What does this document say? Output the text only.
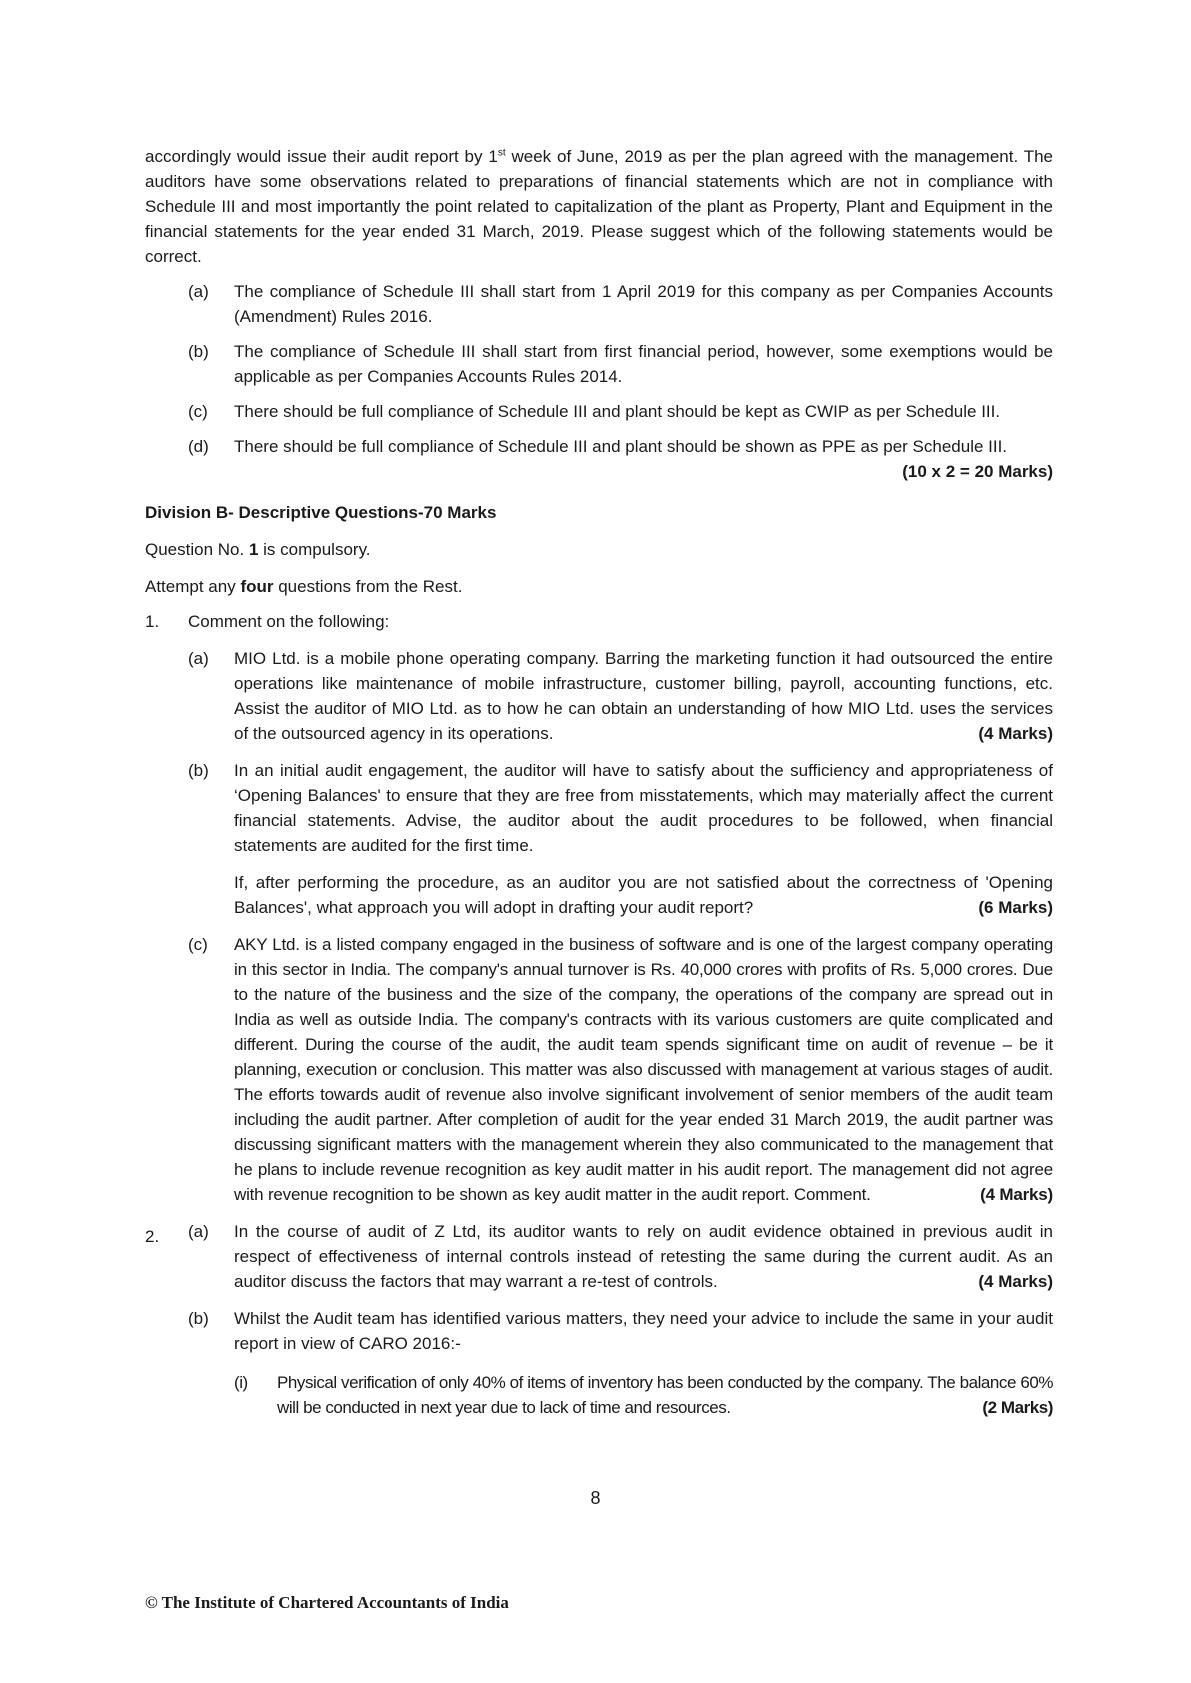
accordingly would issue their audit report by 1st week of June, 2019 as per the plan agreed with the management. The auditors have some observations related to preparations of financial statements which are not in compliance with Schedule III and most importantly the point related to capitalization of the plant as Property, Plant and Equipment in the financial statements for the year ended 31 March, 2019. Please suggest which of the following statements would be correct.

(a)	The compliance of Schedule III shall start from 1 April 2019 for this company as per Companies Accounts (Amendment) Rules 2016.
(b)	The compliance of Schedule III shall start from first financial period, however, some exemptions would be applicable as per Companies Accounts Rules 2014.
(c)	There should be full compliance of Schedule III and plant should be kept as CWIP as per Schedule III.
(d)	There should be full compliance of Schedule III and plant should be shown as PPE as per Schedule III.
(10 x 2 = 20 Marks)

Division B- Descriptive Questions-70 Marks

Question No. 1 is compulsory.

Attempt any four questions from the Rest.

1.	Comment on the following:
(a)	MIO Ltd. is a mobile phone operating company. Barring the marketing function it had outsourced the entire operations like maintenance of mobile infrastructure, customer billing, payroll, accounting functions, etc. Assist the auditor of MIO Ltd. as to how he can obtain an understanding of how MIO Ltd. uses the services of the outsourced agency in its operations.	(4 Marks)
(b)	In an initial audit engagement, the auditor will have to satisfy about the sufficiency and appropriateness of ‘Opening Balances' to ensure that they are free from misstatements, which may materially affect the current financial statements. Advise, the auditor about the audit procedures to be followed, when financial statements are audited for the first time.

If, after performing the procedure, as an auditor you are not satisfied about the correctness of 'Opening Balances', what approach you will adopt in drafting your audit report?	(6 Marks)

(c)	AKY Ltd. is a listed company engaged in the business of software and is one of the largest company operating in this sector in India. The company's annual turnover is Rs. 40,000 crores with profits of Rs. 5,000 crores. Due to the nature of the business and the size of the company, the operations of the company are spread out in India as well as outside India. The company's contracts with its various customers are quite complicated and different. During the course of the audit, the audit team spends significant time on audit of revenue – be it planning, execution or conclusion. This matter was also discussed with management at various stages of audit. The efforts towards audit of revenue also involve significant involvement of senior members of the audit team including the audit partner. After completion of audit for the year ended 31 March 2019, the audit partner was discussing significant matters with the management wherein they also communicated to the management that he plans to include revenue recognition as key audit matter in his audit report. The management did not agree with revenue recognition to be shown as key audit matter in the audit report. Comment.	(4 Marks)
2.	(a)	In the course of audit of Z Ltd, its auditor wants to rely on audit evidence obtained in previous audit in respect of effectiveness of internal controls instead of retesting the same during the current audit. As an auditor discuss the factors that may warrant a re-test of controls.	(4 Marks)
(b)	Whilst the Audit team has identified various matters, they need your advice to include the same in your audit report in view of CARO 2016:-
(i)	Physical verification of only 40% of items of inventory has been conducted by the company. The balance 60% will be conducted in next year due to lack of time and resources.	(2 Marks)
8
© The Institute of Chartered Accountants of India
